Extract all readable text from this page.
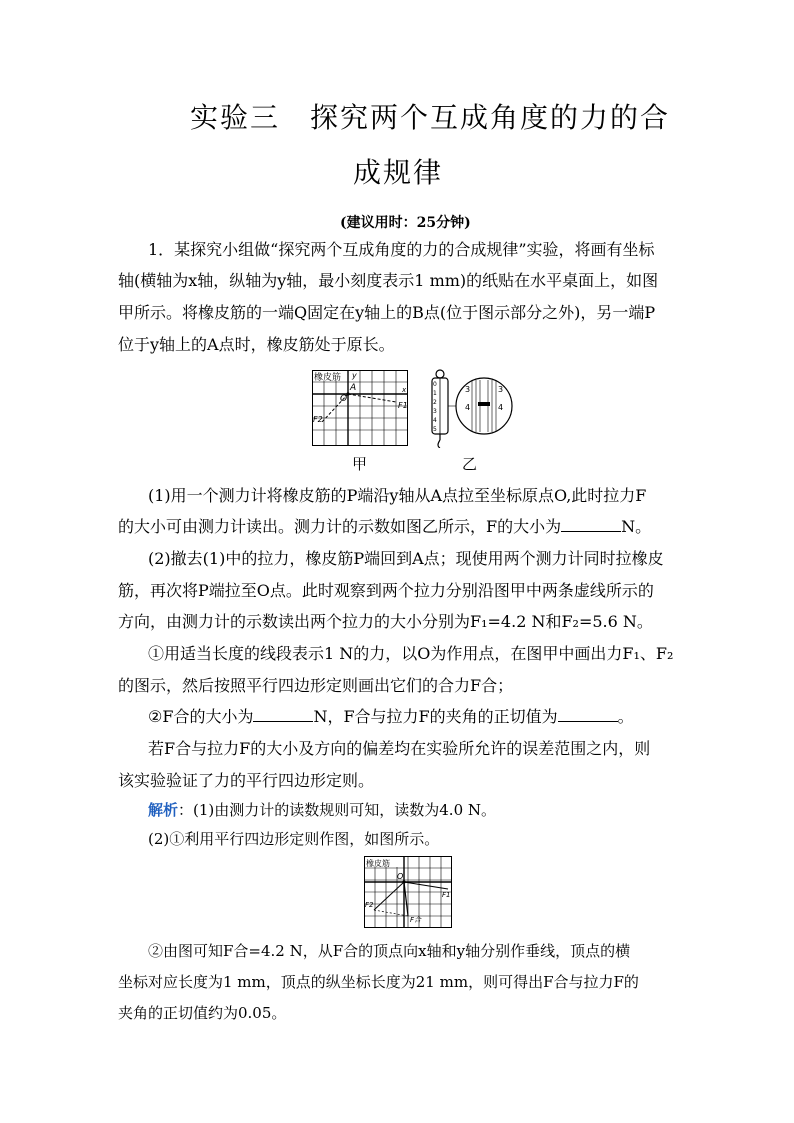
实验三　探究两个互成角度的力的合
成规律
(建议用时：25分钟)
1．某探究小组做“探究两个互成角度的力的合成规律”实验，将画有坐标
轴(横轴为x轴，纵轴为y轴，最小刻度表示1 mm)的纸贴在水平桌面上，如图
甲所示。将橡皮筋的一端Q固定在y轴上的B点(位于图示部分之外)，另一端P
位于y轴上的A点时，橡皮筋处于原长。
橡皮筋 y
A
O
F1
F2
x
0
1
2
3
4
5
3
4
3
4
甲	乙
(1)用一个测力计将橡皮筋的P端沿y轴从A点拉至坐标原点O,此时拉力F
的大小可由测力计读出。测力计的示数如图乙所示，F的大小为	N。
(2)撤去(1)中的拉力，橡皮筋P端回到A点；现使用两个测力计同时拉橡皮
筋，再次将P端拉至O点。此时观察到两个拉力分别沿图甲中两条虚线所示的
方向，由测力计的示数读出两个拉力的大小分别为F₁=4.2 N和F₂=5.6 N。
①用适当长度的线段表示1 N的力，以O为作用点，在图甲中画出力F₁、F₂
的图示，然后按照平行四边形定则画出它们的合力F合；
②F合的大小为	N，F合与拉力F的夹角的正切值为	。
若F合与拉力F的大小及方向的偏差均在实验所允许的误差范围之内，则
该实验验证了力的平行四边形定则。
解析：(1)由测力计的读数规则可知，读数为4.0 N。
(2)①利用平行四边形定则作图，如图所示。
橡皮筋
O
F1
F2
F合
②由图可知F合=4.2 N，从F合的顶点向x轴和y轴分别作垂线，顶点的横
坐标对应长度为1 mm，顶点的纵坐标长度为21 mm，则可得出F合与拉力F的
夹角的正切值约为0.05。
